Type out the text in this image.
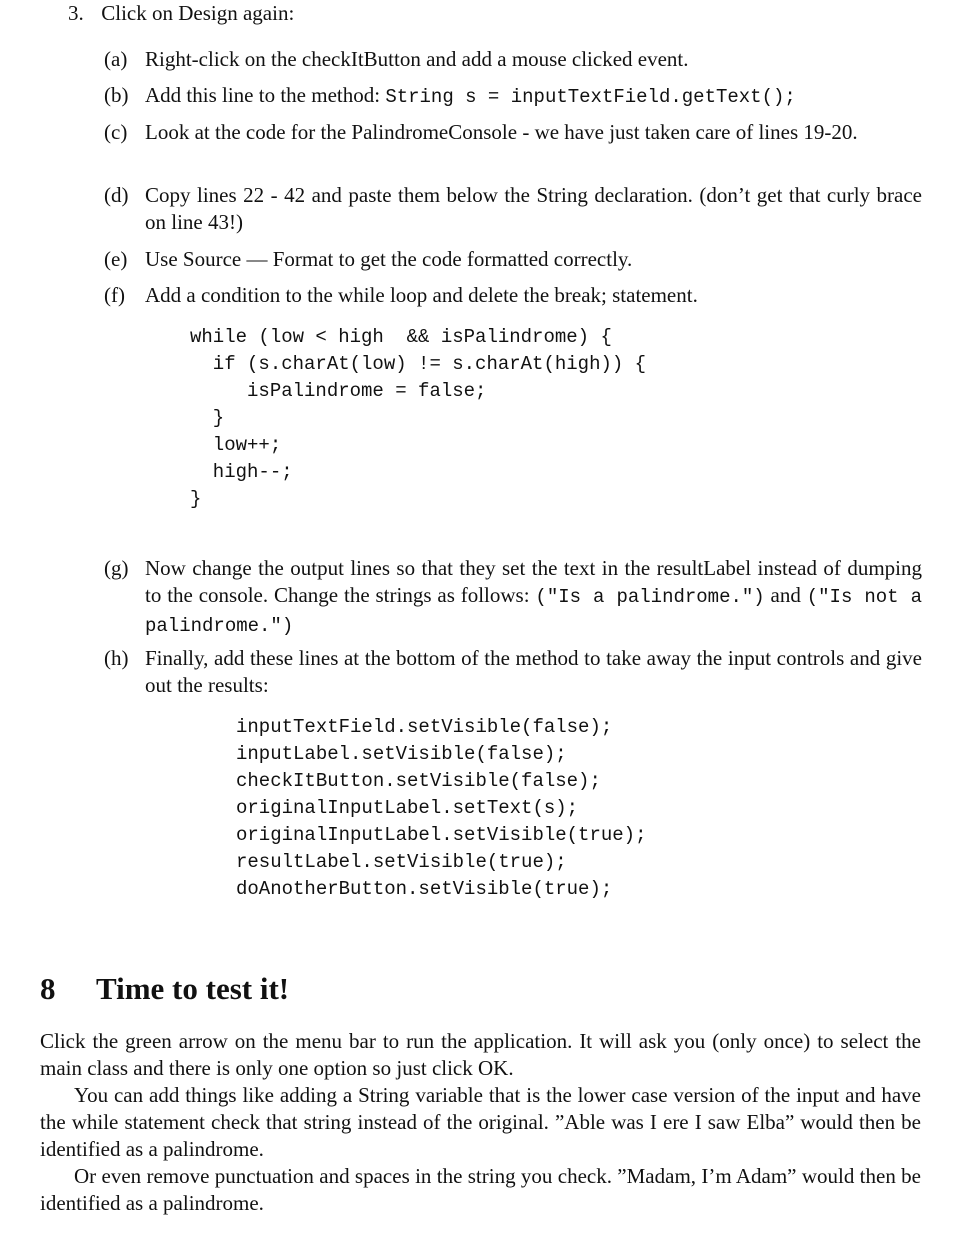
3. Click on Design again:
(a) Right-click on the checkItButton and add a mouse clicked event.
(b) Add this line to the method: String s = inputTextField.getText();
(c) Look at the code for the PalindromeConsole - we have just taken care of lines 19-20.
(d) Copy lines 22 - 42 and paste them below the String declaration. (don’t get that curly brace on line 43!)
(e) Use Source — Format to get the code formatted correctly.
(f) Add a condition to the while loop and delete the break; statement.
(g) Now change the output lines so that they set the text in the resultLabel instead of dumping to the console. Change the strings as follows: ("Is a palindrome.") and ("Is not a palindrome.")
(h) Finally, add these lines at the bottom of the method to take away the input controls and give out the results:
while (low < high  && isPalindrome) {
if (s.charAt(low) != s.charAt(high)) {
isPalindrome = false;
}
low++;
high--;
}
inputTextField.setVisible(false);
inputLabel.setVisible(false);
checkItButton.setVisible(false);
originalInputLabel.setText(s);
originalInputLabel.setVisible(true);
resultLabel.setVisible(true);
doAnotherButton.setVisible(true);
8 Time to test it!
Click the green arrow on the menu bar to run the application. It will ask you (only once) to select the main class and there is only one option so just click OK.
You can add things like adding a String variable that is the lower case version of the input and have the while statement check that string instead of the original. ”Able was I ere I saw Elba” would then be identified as a palindrome.
Or even remove punctuation and spaces in the string you check. ”Madam, I’m Adam” would then be identified as a palindrome.
